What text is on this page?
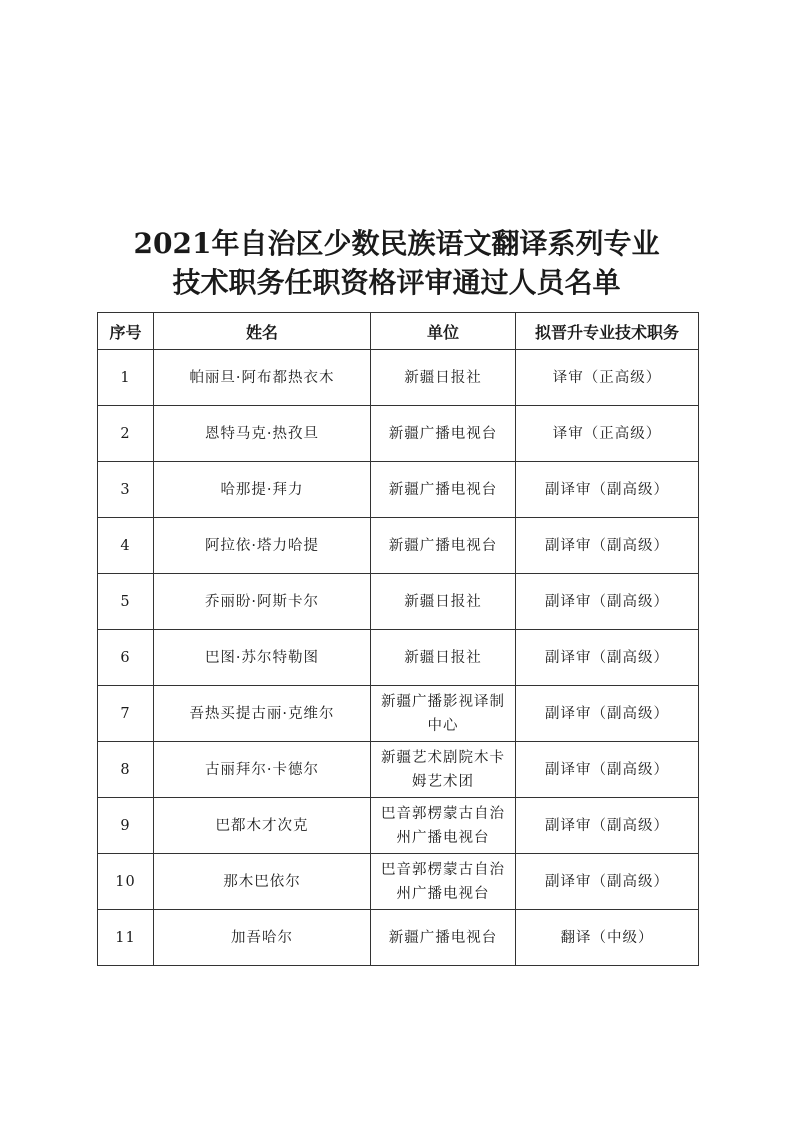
2021年自治区少数民族语文翻译系列专业
技术职务任职资格评审通过人员名单
序号	姓名	单位	拟晋升专业技术职务
1	帕丽旦·阿布都热衣木	新疆日报社	译审（正高级）
2	恩特马克·热孜旦	新疆广播电视台	译审（正高级）
3	哈那提·拜力	新疆广播电视台	副译审（副高级）
4	阿拉依·塔力哈提	新疆广播电视台	副译审（副高级）
5	乔丽盼·阿斯卡尔	新疆日报社	副译审（副高级）
6	巴图·苏尔特勒图	新疆日报社	副译审（副高级）
7	吾热买提古丽·克维尔	新疆广播影视译制中心	副译审（副高级）
8	古丽拜尔·卡德尔	新疆艺术剧院木卡姆艺术团	副译审（副高级）
9	巴都木才次克	巴音郭楞蒙古自治州广播电视台	副译审（副高级）
10	那木巴依尔	巴音郭楞蒙古自治州广播电视台	副译审（副高级）
11	加吾哈尔	新疆广播电视台	翻译（中级）
